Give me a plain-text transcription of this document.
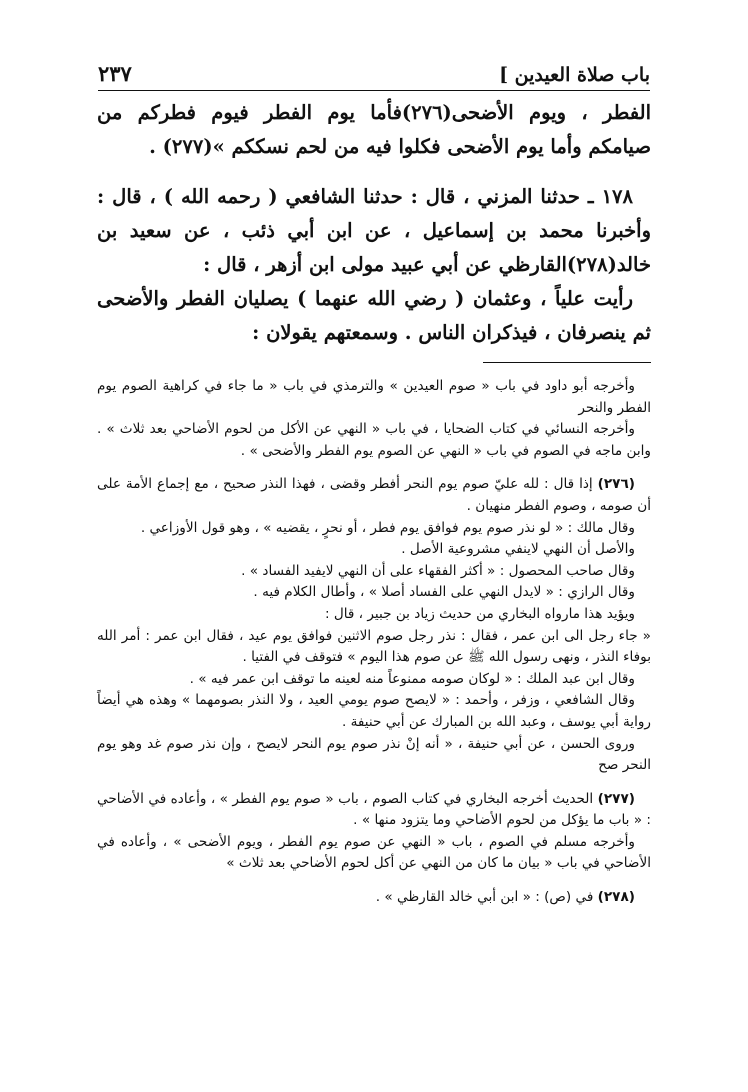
باب صلاة العيدين ]
٢٣٧

الفطر ، ويوم الأضحى(٢٧٦)فأما يوم الفطر فيوم فطركم من صيامكم وأما يوم الأضحى فكلوا فيه من لحم نسككم »(٢٧٧) .

١٧٨ ـ حدثنا المزني ، قال : حدثنا الشافعي ( رحمه الله ) ، قال : وأخبرنا محمد بن إسماعيل ، عن ابن أبي ذئب ، عن سعيد بن خالد(٢٧٨)القارظي عن أبي عبيد مولى ابن أزهر ، قال :

رأيت علياً ، وعثمان ( رضي الله عنهما ) يصليان الفطر والأضحى ثم ينصرفان ، فيذكران الناس . وسمعتهم يقولان :

وأخرجه أبو داود في باب « صوم العيدين » والترمذي في باب « ما جاء في كراهية الصوم يوم الفطر والنحر

وأخرجه النسائي في كتاب الضحايا ، في باب « النهي عن الأكل من لحوم الأضاحي بعد ثلاث » . وابن ماجه في الصوم في باب « النهي عن الصوم يوم الفطر والأضحى » .

(٢٧٦) إذا قال : لله عليّ صوم يوم النحر أفطر وقضى ، فهذا النذر صحيح ، مع إجماع الأمة على أن صومه ، وصوم الفطر منهيان .

وقال مالك : « لو نذر صوم يوم فوافق يوم فطر ، أو نحرٍ ، يقضيه » ، وهو قول الأوزاعي .

والأصل أن النهي لاينفي مشروعية الأصل .

وقال صاحب المحصول : « أكثر الفقهاء على أن النهي لايفيد الفساد » .

وقال الرازي : « لايدل النهي على الفساد أصلا » ، وأطال الكلام فيه .

ويؤيد هذا مارواه البخاري من حديث زياد بن جبير ، قال :

« جاء رجل الى ابن عمر ، فقال : نذر رجل صوم الاثنين فوافق يوم عيد ، فقال ابن عمر : أمر الله بوفاء النذر ، ونهى رسول الله ﷺ عن صوم هذا اليوم » فتوقف في الفتيا .

وقال ابن عبد الملك : « لوكان صومه ممنوعاً منه لعينه ما توقف ابن عمر فيه » .

وقال الشافعي ، وزفر ، وأحمد : « لايصح صوم يومي العيد ، ولا النذر بصومهما » وهذه هي أيضاً رواية أبي يوسف ، وعبد الله بن المبارك عن أبي حنيفة .

وروى الحسن ، عن أبي حنيفة ، « أنه إنْ نذر صوم يوم النحر لايصح ، وإن نذر صوم غد وهو يوم النحر صح

(٢٧٧) الحديث أخرجه البخاري في كتاب الصوم ، باب « صوم يوم الفطر » ، وأعاده في الأضاحي : « باب ما يؤكل من لحوم الأضاحي وما يتزود منها » .

وأخرجه مسلم في الصوم ، باب « النهي عن صوم يوم الفطر ، ويوم الأضحى » ، وأعاده في الأضاحي في باب « بيان ما كان من النهي عن أكل لحوم الأضاحي بعد ثلاث »

(٢٧٨) في (ص) : « ابن أبي خالد القارظي » .
